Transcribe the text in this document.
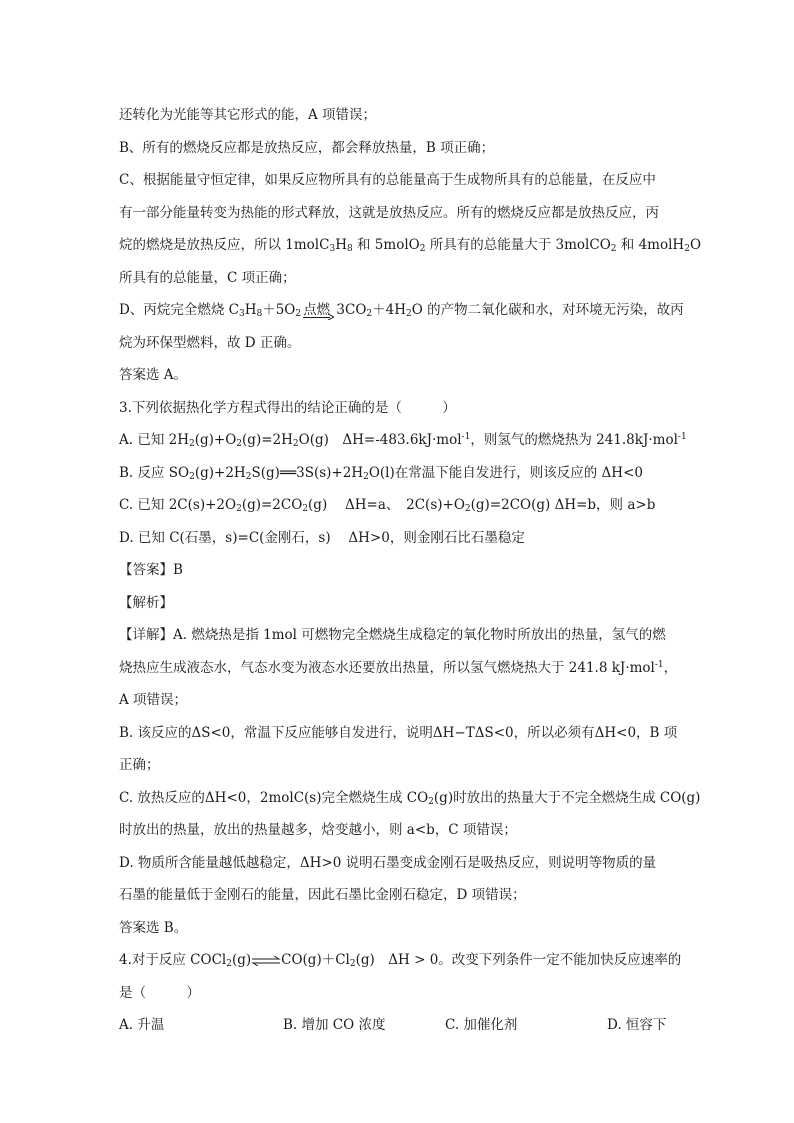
还转化为光能等其它形式的能，A 项错误；
B、所有的燃烧反应都是放热反应，都会释放热量，B 项正确；
C、根据能量守恒定律，如果反应物所具有的总能量高于生成物所具有的总能量，在反应中
有一部分能量转变为热能的形式释放，这就是放热反应。所有的燃烧反应都是放热反应，丙
烷的燃烧是放热反应，所以 $1molC_3H_8$ 和 5molO$_2$ 所具有的总能量大于 3molCO$_2$ 和 4molH$_2$O
所具有的总能量，C 项正确；
D、丙烷完全燃烧 $C_3H_8+5O_2$ 点燃
$3CO_2+4H_2O$ 的产物二氧化碳和水，对环境无污染，故丙
烷为环保型燃料，故 D 正确。
答案选 A。
3.下列依据热化学方程式得出的结论正确的是（　　　）
A. 已知 $2H_2(g)+O_2(g)=2H_2O(g)$　ΔH=-483.6kJ·mol$^{-1}$，则氢气的燃烧热为 241.8kJ·mol$^{-1}$
B. 反应 $SO_2(g)+2H_2S(g)══3S(s)+2H_2O(l)$在常温下能自发进行，则该反应的 ΔH<0
C. 已知 $2C(s)+2O_2(g)=2CO_2(g)$　 ΔH=a、　$2C(s)+O_2(g)=2CO(g)$ ΔH=b，则 a>b
D. 已知 C(石墨，s)=C(金刚石，s)　 ΔH>0，则金刚石比石墨稳定
【答案】B
【解析】
【详解】A. 燃烧热是指 1mol 可燃物完全燃烧生成稳定的氧化物时所放出的热量，氢气的燃
烧热应生成液态水，气态水变为液态水还要放出热量，所以氢气燃烧热大于 241.8 kJ·mol$^{-1}$，
A 项错误；
B. 该反应的ΔS<0，常温下反应能够自发进行，说明ΔH−TΔS<0，所以必须有ΔH<0，B 项
正确；
C. 放热反应的ΔH<0，2molC(s)完全燃烧生成 $CO_2(g)$时放出的热量大于不完全燃烧生成 CO(g)
时放出的热量，放出的热量越多，焓变越小，则 a<b，C 项错误；
D. 物质所含能量越低越稳定，ΔH>0 说明石墨变成金刚石是吸热反应，则说明等物质的量
石墨的能量低于金刚石的能量，因此石墨比金刚石稳定，D 项错误；
答案选 B。
4.对于反应 $COCl_2(g)\rightleftharpoons CO(g)+Cl_2(g)$　ΔH > 0。改变下列条件一定不能加快反应速率的
是（　　　）
A. 升温	B. 增加 CO 浓度	C. 加催化剂	D. 恒容下
